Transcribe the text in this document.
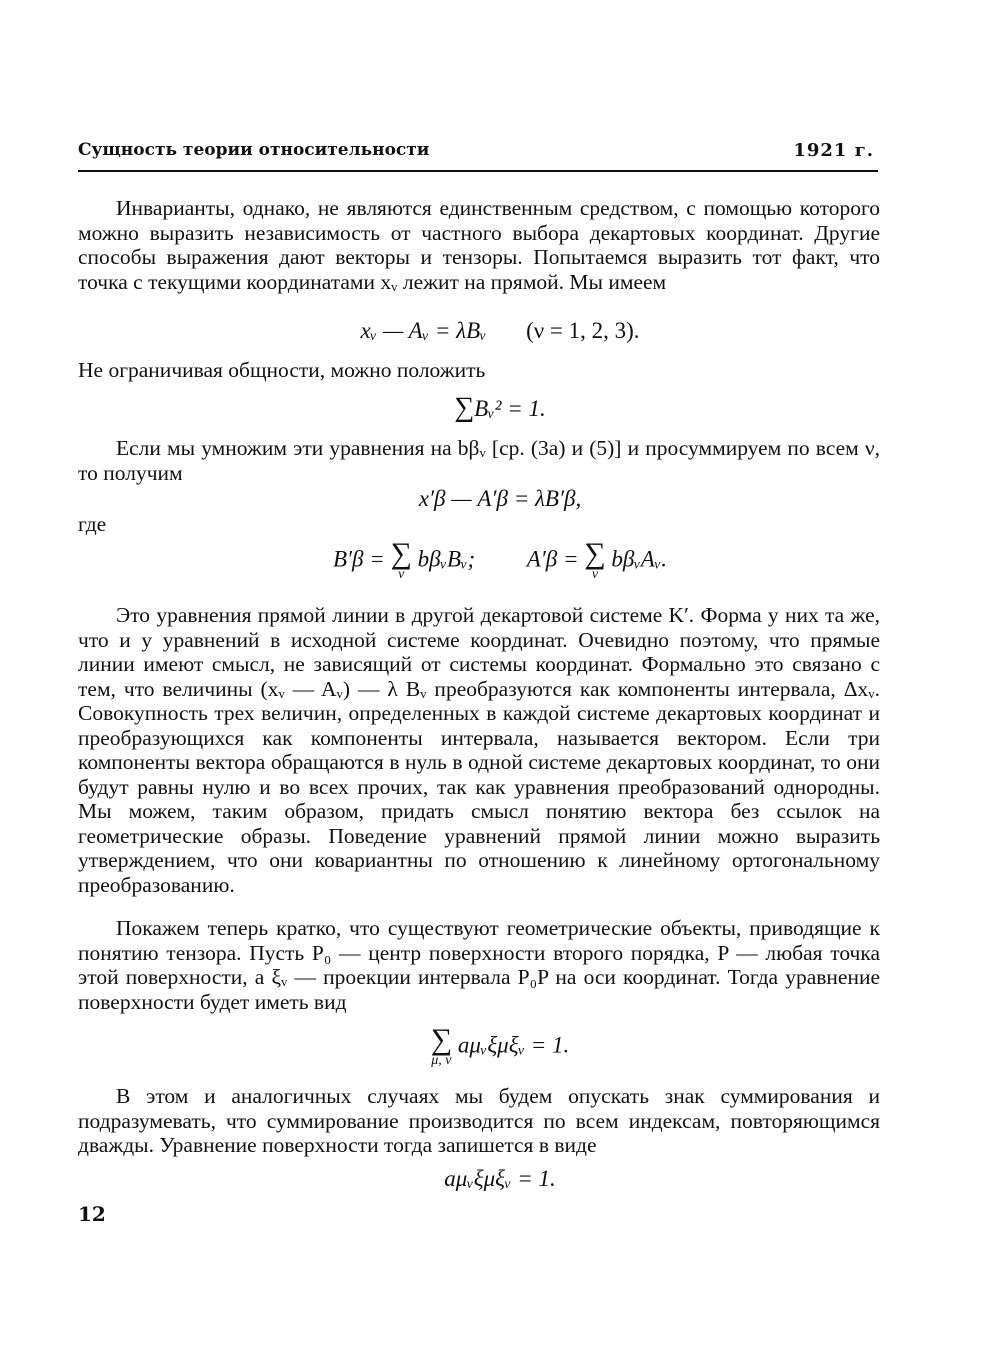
Сущность теории относительности	1921 г.
Инварианты, однако, не являются единственным средством, с помощью которого можно выразить независимость от частного выбора декартовых координат. Другие способы выражения дают векторы и тензоры. Попытаемся выразить тот факт, что точка с текущими координатами xᵥ лежит на прямой. Мы имеем
xᵥ — Aᵥ = λBᵥ (ν = 1, 2, 3).
Не ограничивая общности, можно положить
∑Bᵥ² = 1.
Если мы умножим эти уравнения на bβᵥ [ср. (3а) и (5)] и просуммируем по всем ν, то получим
x′β — A′β = λB′β,
где
B′β = ∑
ν
bβᵥBᵥ; A′β = ∑
ν
bβᵥAᵥ.
Это уравнения прямой линии в другой декартовой системе K′. Форма у них та же, что и у уравнений в исходной системе координат. Очевидно поэтому, что прямые линии имеют смысл, не зависящий от системы координат. Формально это связано с тем, что величины (xᵥ — Aᵥ) — λ Bᵥ преобразуются как компоненты интервала, Δxᵥ. Совокупность трех величин, определенных в каждой системе декартовых координат и преобразующихся как компоненты интервала, называется вектором. Если три компоненты вектора обращаются в нуль в одной системе декартовых координат, то они будут равны нулю и во всех прочих, так как уравнения преобразований однородны. Мы можем, таким образом, придать смысл понятию вектора без ссылок на геометрические образы. Поведение уравнений прямой линии можно выразить утверждением, что они ковариантны по отношению к линейному ортогональному преобразованию.
Покажем теперь кратко, что существуют геометрические объекты, приводящие к понятию тензора. Пусть P₀ — центр поверхности второго порядка, P — любая точка этой поверхности, а ξᵥ — проекции интервала P₀P на оси координат. Тогда уравнение поверхности будет иметь вид
∑
μ, ν
aμᵥξμξᵥ = 1.
В этом и аналогичных случаях мы будем опускать знак суммирования и подразумевать, что суммирование производится по всем индексам, повторяющимся дважды. Уравнение поверхности тогда запишется в виде
aμᵥξμξᵥ = 1.
12
